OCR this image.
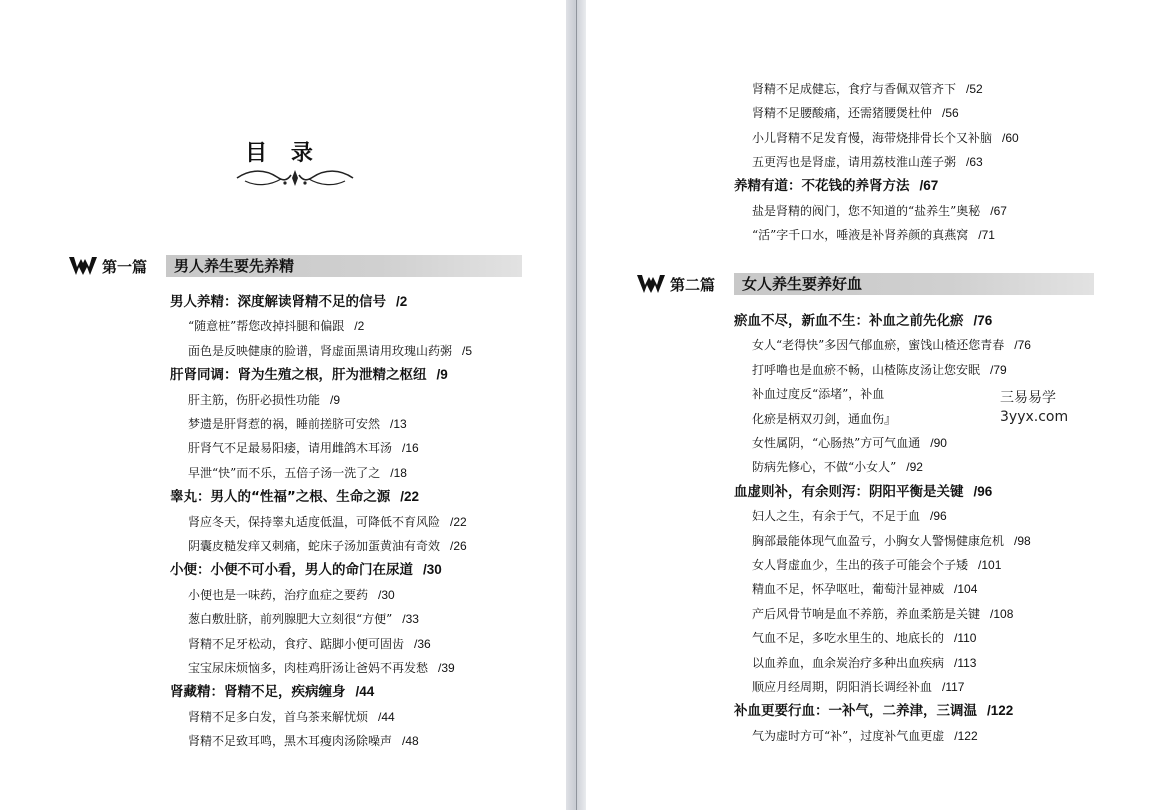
目 录
第一篇	男人养生要先养精
男人养精：深度解读肾精不足的信号 /2
“随意桩”帮您改掉抖腿和偏跟 /2
面色是反映健康的脸谱，肾虚面黑请用玫瑰山药粥 /5
肝肾同调：肾为生殖之根，肝为泄精之枢纽 /9
肝主筋，伤肝必损性功能 /9
梦遗是肝肾惹的祸，睡前搓脐可安然 /13
肝肾气不足最易阳痿，请用雌鸽木耳汤 /16
早泄“快”而不乐，五倍子汤一洗了之 /18
睾丸：男人的“性福”之根、生命之源 /22
肾应冬天，保持睾丸适度低温，可降低不育风险 /22
阴囊皮糙发痒又刺痛，蛇床子汤加蛋黄油有奇效 /26
小便：小便不可小看，男人的命门在尿道 /30
小便也是一味药，治疗血症之要药 /30
葱白敷肚脐，前列腺肥大立刻很“方便” /33
肾精不足牙松动，食疗、踮脚小便可固齿 /36
宝宝尿床烦恼多，肉桂鸡肝汤让爸妈不再发愁 /39
肾藏精：肾精不足，疾病缠身 /44
肾精不足多白发，首乌茶来解忧烦 /44
肾精不足致耳鸣，黑木耳瘦肉汤除噪声 /48
肾精不足成健忘，食疗与香佩双管齐下 /52
肾精不足腰酸痛，还需猪腰煲杜仲 /56
小儿肾精不足发育慢，海带烧排骨长个又补脑 /60
五更泻也是肾虚，请用荔枝淮山莲子粥 /63
养精有道：不花钱的养肾方法 /67
盐是肾精的阀门，您不知道的“盐养生”奥秘 /67
“活”字千口水，唾液是补肾养颜的真燕窝 /71
第二篇	女人养生要养好血
瘀血不尽，新血不生：补血之前先化瘀 /76
女人“老得快”多因气郁血瘀，蜜饯山楂还您青春 /76
打呼噜也是血瘀不畅，山楂陈皮汤让您安眠 /79
补血过度反“添堵”，补血
化瘀是柄双刃剑，通血伤』
女性属阴，“心肠热”方可气血通 /90
防病先修心，不做“小女人” /92
血虚则补，有余则泻：阴阳平衡是关键 /96
妇人之生，有余于气，不足于血 /96
胸部最能体现气血盈亏，小胸女人警惕健康危机 /98
女人肾虚血少，生出的孩子可能会个子矮 /101
精血不足，怀孕呕吐，葡萄汁显神威 /104
产后风骨节响是血不养筋，养血柔筋是关键 /108
气血不足，多吃水里生的、地底长的 /110
以血养血，血余炭治疗多种出血疾病 /113
顺应月经周期，阴阳消长调经补血 /117
补血更要行血：一补气，二养津，三调温 /122
气为虚时方可“补”，过度补气血更虚 /122
三易易学
3yyx.com
